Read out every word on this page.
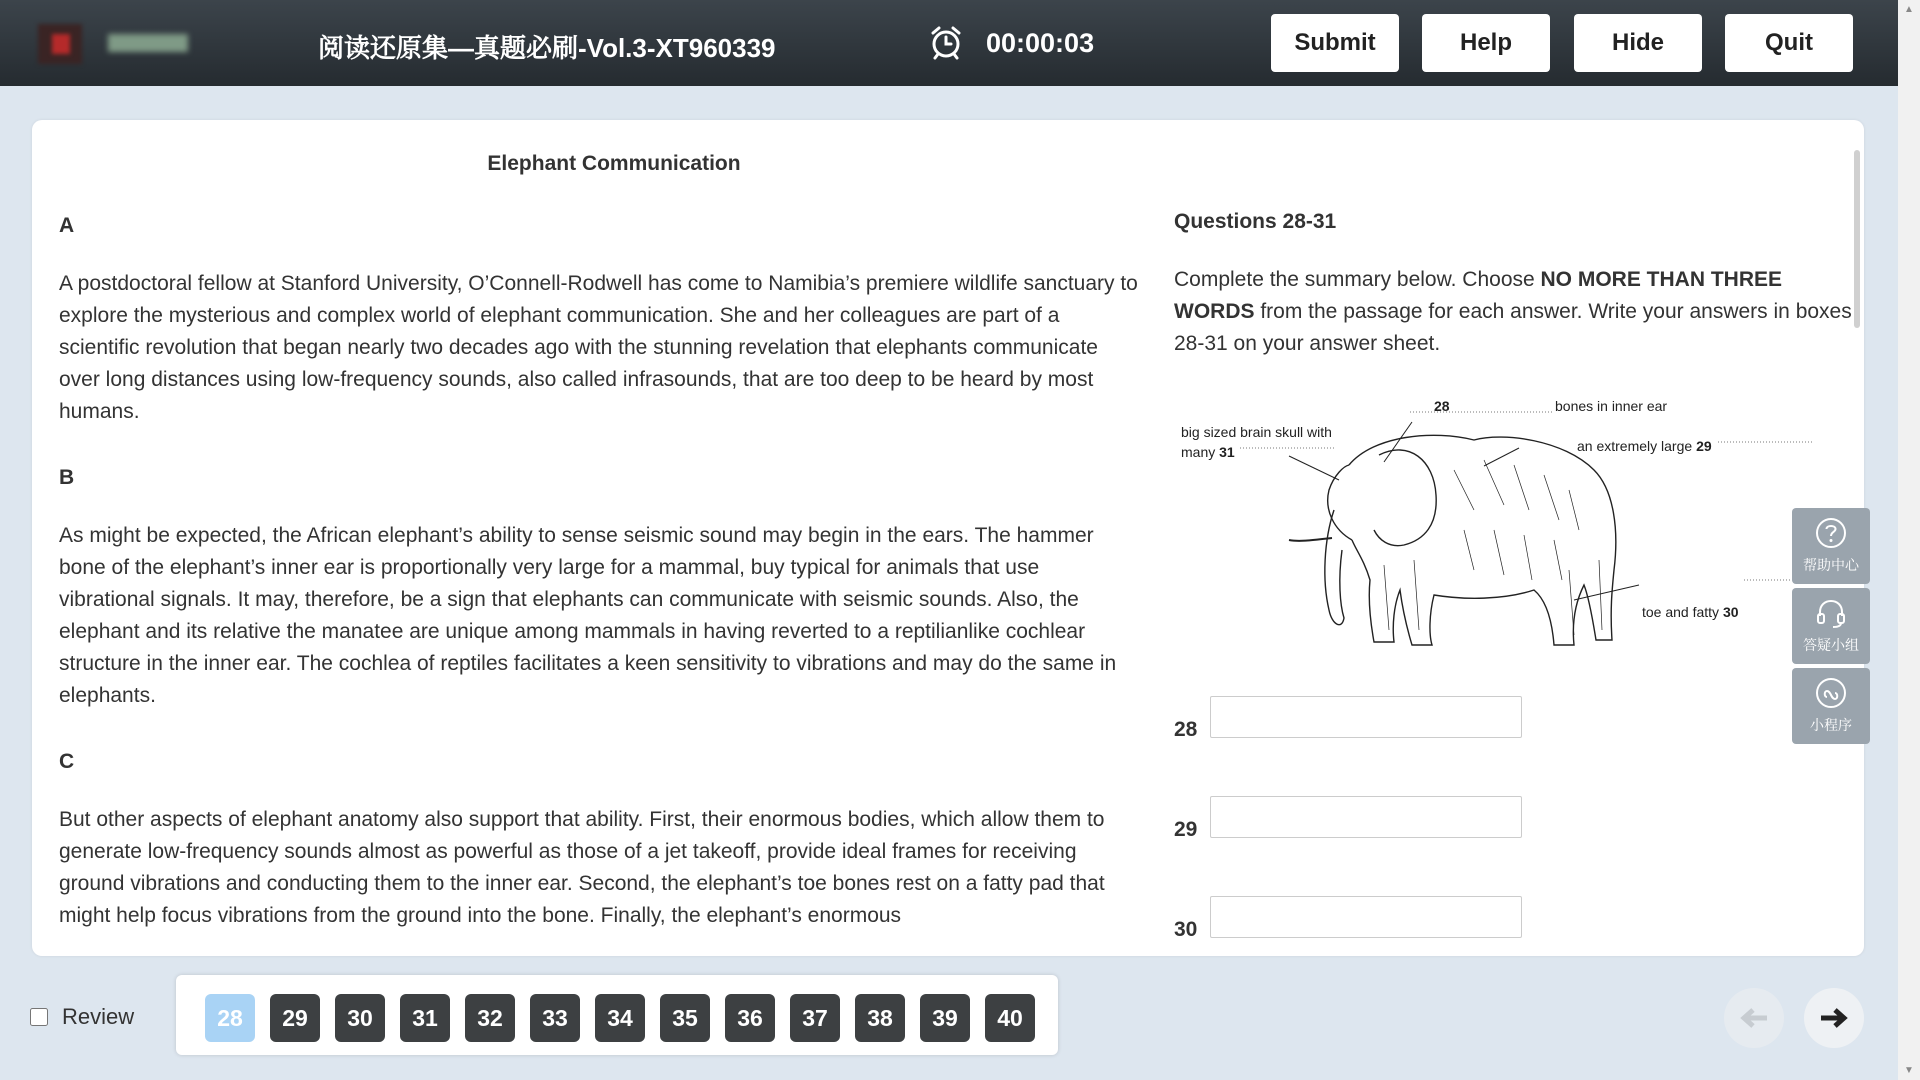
阅读还原集—真题必刷-Vol.3-XT960339	00:00:03	Submit	Help	Hide	Quit
▲
▼
Elephant Communication
A
A postdoctoral fellow at Stanford University, O’Connell-Rodwell has come to Namibia’s premiere wildlife sanctuary to explore the mysterious and complex world of elephant communication. She and her colleagues are part of a scientific revolution that began nearly two decades ago with the stunning revelation that elephants communicate over long distances using low-frequency sounds, also called infrasounds, that are too deep to be heard by most humans.
B
As might be expected, the African elephant’s ability to sense seismic sound may begin in the ears. The hammer bone of the elephant’s inner ear is proportionally very large for a mammal, buy typical for animals that use vibrational signals. It may, therefore, be a sign that elephants can communicate with seismic sounds. Also, the elephant and its relative the manatee are unique among mammals in having reverted to a reptilianlike cochlear structure in the inner ear. The cochlea of reptiles facilitates a keen sensitivity to vibrations and may do the same in elephants.
C
But other aspects of elephant anatomy also support that ability. First, their enormous bodies, which allow them to generate low-frequency sounds almost as powerful as those of a jet takeoff, provide ideal frames for receiving ground vibrations and conducting them to the inner ear. Second, the elephant’s toe bones rest on a fatty pad that might help focus vibrations from the ground into the bone. Finally, the elephant’s enormous
Questions 28-31
Complete the summary below. Choose NO MORE THAN THREE WORDS from the passage for each answer. Write your answers in boxes 28-31 on your answer sheet.
28	bones in inner ear
big sized brain skull with
many 31	an extremely large 29
toe and fatty 30
28
29
30
帮助中心
答疑小组
小程序
Review	28	29	30	31	32	33	34	35	36	37	38	39	40
